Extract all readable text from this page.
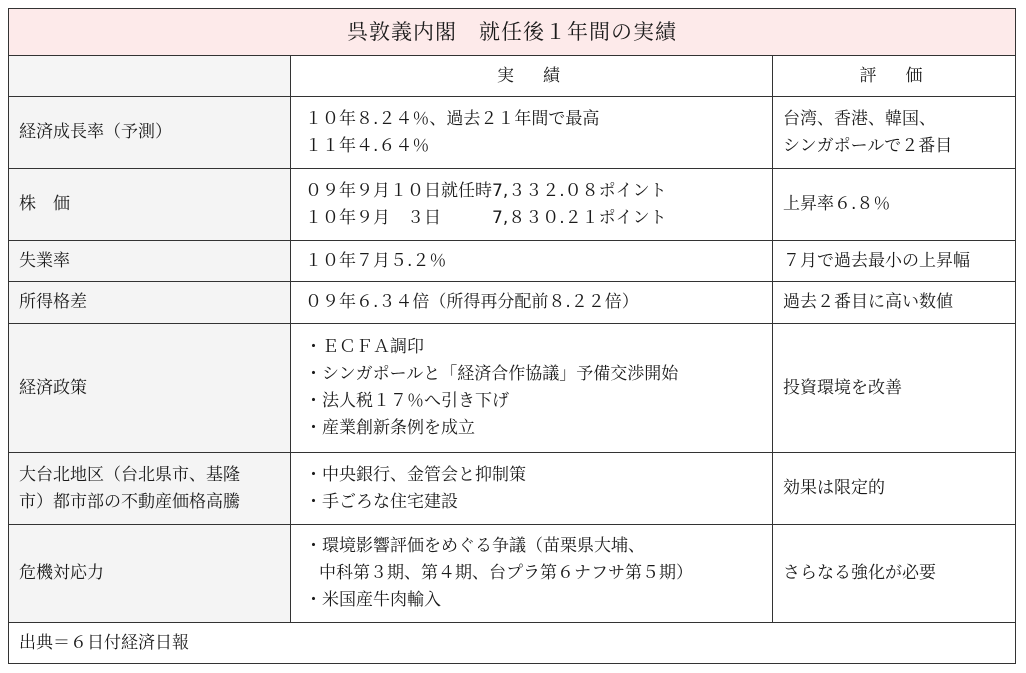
呉敦義内閣　就任後１年間の実績		
	実　績	評　価

経済成長率（予測）	１０年８.２４％、過去２１年間で最高
１１年４.６４％	台湾、香港、韓国、
シンガポールで２番目

株　価	０９年９月１０日就任時7,３３２.０８ポイント
１０年９月　３日　　　7,８３０.２１ポイント	上昇率６.８％

失業率	１０年７月５.２％	７月で過去最小の上昇幅

所得格差	０９年６.３４倍（所得再分配前８.２２倍）	過去２番目に高い数値

経済政策	・ＥＣＦＡ調印
・シンガポールと「経済合作協議」予備交渉開始
・法人税１７％へ引き下げ
・産業創新条例を成立	投資環境を改善

大台北地区（台北県市、基隆
市）都市部の不動産価格高騰	・中央銀行、金管会と抑制策
・手ごろな住宅建設	効果は限定的

危機対応力	・環境影響評価をめぐる争議（苗栗県大埔、
中科第３期、第４期、台プラ第６ナフサ第５期）
・米国産牛肉輸入	さらなる強化が必要

出典＝６日付経済日報		
